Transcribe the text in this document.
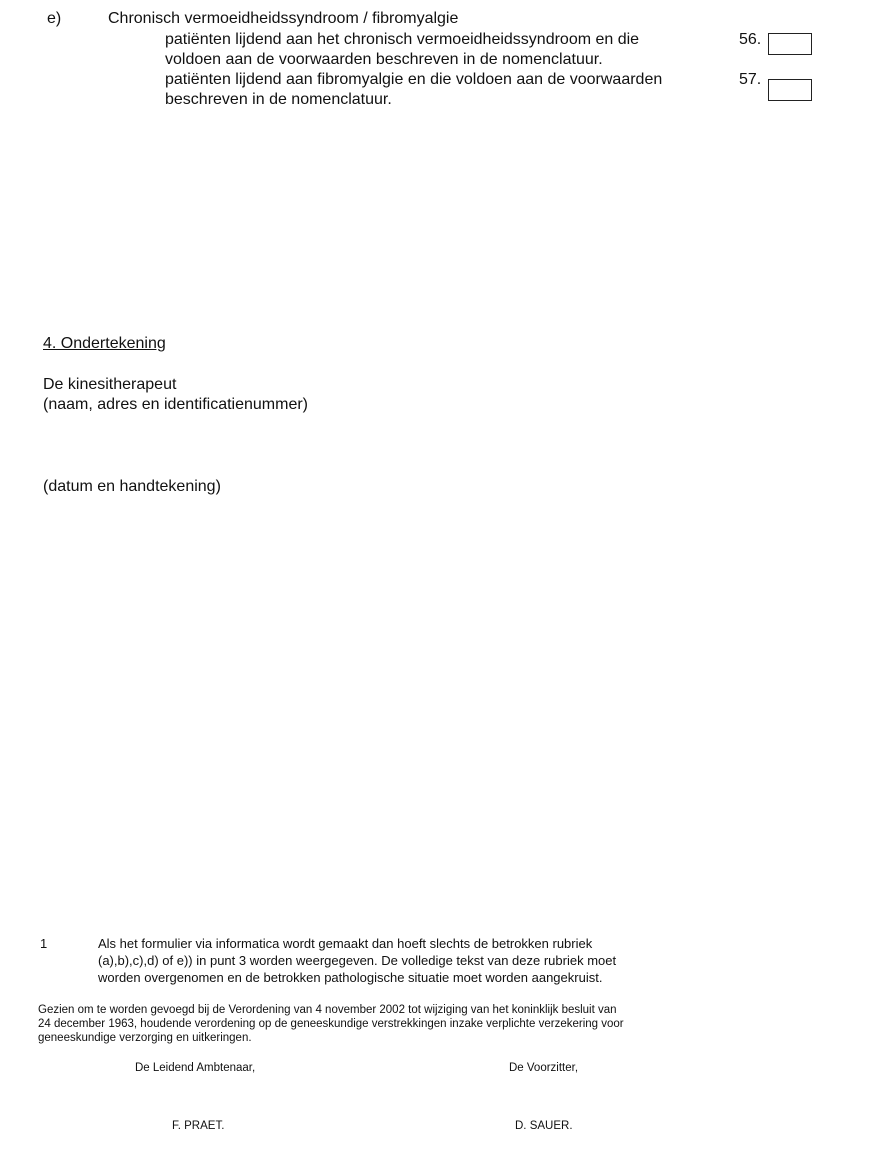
e)	Chronisch vermoeidheidssyndroom / fibromyalgie
patiënten lijdend aan het chronisch vermoeidheidssyndroom en die
voldoen aan de voorwaarden beschreven in de nomenclatuur.
56.
patiënten lijdend aan fibromyalgie en die voldoen aan de voorwaarden
beschreven in de nomenclatuur.
57.
4. Ondertekening
De kinesitherapeut
(naam, adres en identificatienummer)
(datum en handtekening)
1	Als het formulier via informatica wordt gemaakt dan hoeft slechts de betrokken rubriek
(a),b),c),d) of e)) in punt 3 worden weergegeven. De volledige tekst van deze rubriek moet
worden overgenomen en de betrokken pathologische situatie moet worden aangekruist.
Gezien om te worden gevoegd bij de Verordening van 4 november 2002 tot wijziging van het koninklijk besluit van
24 december 1963, houdende verordening op de geneeskundige verstrekkingen inzake verplichte verzekering voor
geneeskundige verzorging en uitkeringen.
De Leidend Ambtenaar,
F. PRAET.
De Voorzitter,
D. SAUER.
